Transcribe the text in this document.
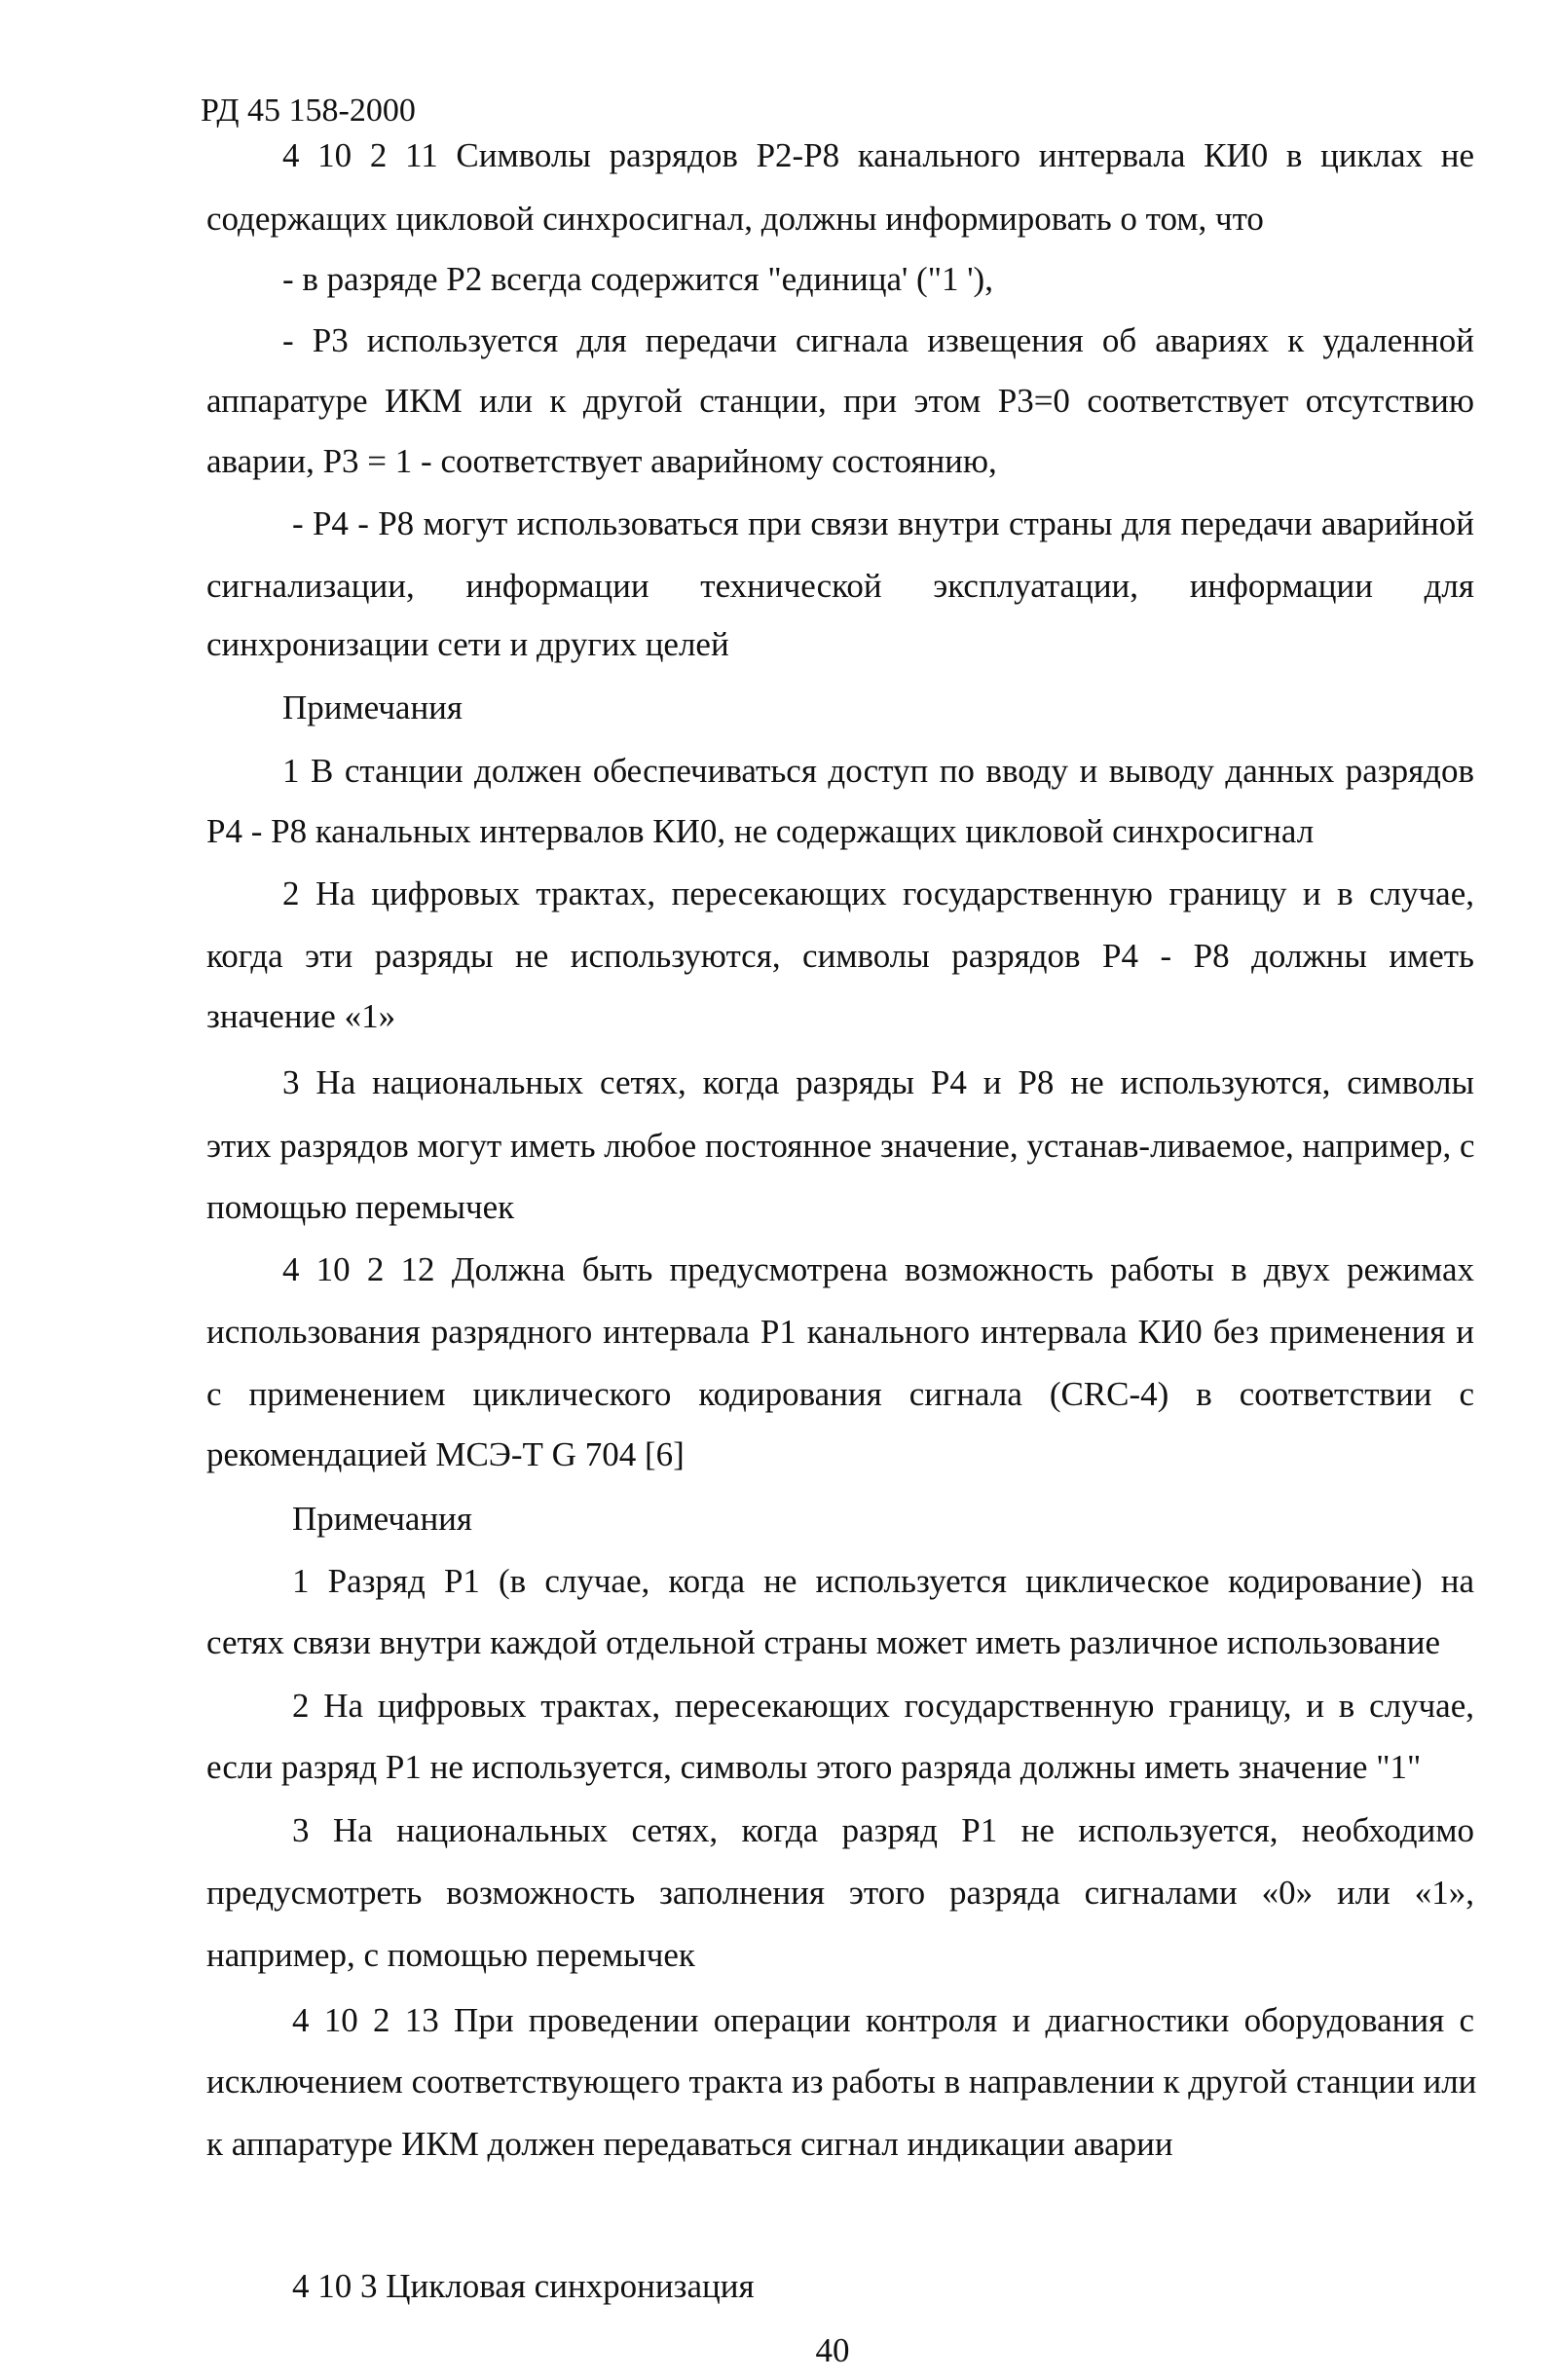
РД 45 158-2000

4 10 2 11 Символы разрядов Р2-Р8 канального интервала КИ0 в циклах не

содержащих цикловой синхросигнал, должны информировать о том, что

- в разряде Р2 всегда содержится "единица' ("1 '),

- Р3 используется для передачи сигнала извещения об авариях к удаленной

аппаратуре ИКМ или к другой станции, при этом Р3=0 соответствует отсутствию

аварии, Р3 = 1 - соответствует аварийному состоянию,

- Р4 - Р8 могут использоваться при связи внутри страны для передачи аварийной

сигнализации, информации технической эксплуатации, информации для

синхронизации сети и других целей

Примечания

1 В станции должен обеспечиваться доступ по вводу и выводу данных разрядов

Р4 - Р8 канальных интервалов КИ0, не содержащих цикловой синхросигнал

2 На цифровых трактах, пересекающих государственную границу и в случае,

когда эти разряды не используются, символы разрядов Р4 - Р8 должны иметь

значение «1»

3 На национальных сетях, когда разряды Р4 и Р8 не используются, символы

этих разрядов могут иметь любое постоянное значение, устанав-ливаемое, например, с

помощью перемычек

4 10 2 12 Должна быть предусмотрена возможность работы в двух режимах

использования разрядного интервала Р1 канального интервала КИ0 без применения и

с применением циклического кодирования сигнала (CRC-4) в соответствии с

рекомендацией МСЭ-Т G 704 [6]

Примечания

1 Разряд Р1 (в случае, когда не используется циклическое кодирование) на

сетях связи внутри каждой отдельной страны может иметь различное использование

2 На цифровых трактах, пересекающих государственную границу, и в случае,

если разряд Р1 не используется, символы этого разряда должны иметь значение "1"

3 На национальных сетях, когда разряд Р1 не используется, необходимо

предусмотреть возможность заполнения этого разряда сигналами «0» или «1»,

например, с помощью перемычек

4 10 2 13 При проведении операции контроля и диагностики оборудования с

исключением соответствующего тракта из работы в направлении к другой станции или

к аппаратуре ИКМ должен передаваться сигнал индикации аварии

4 10 3 Цикловая синхронизация

40
